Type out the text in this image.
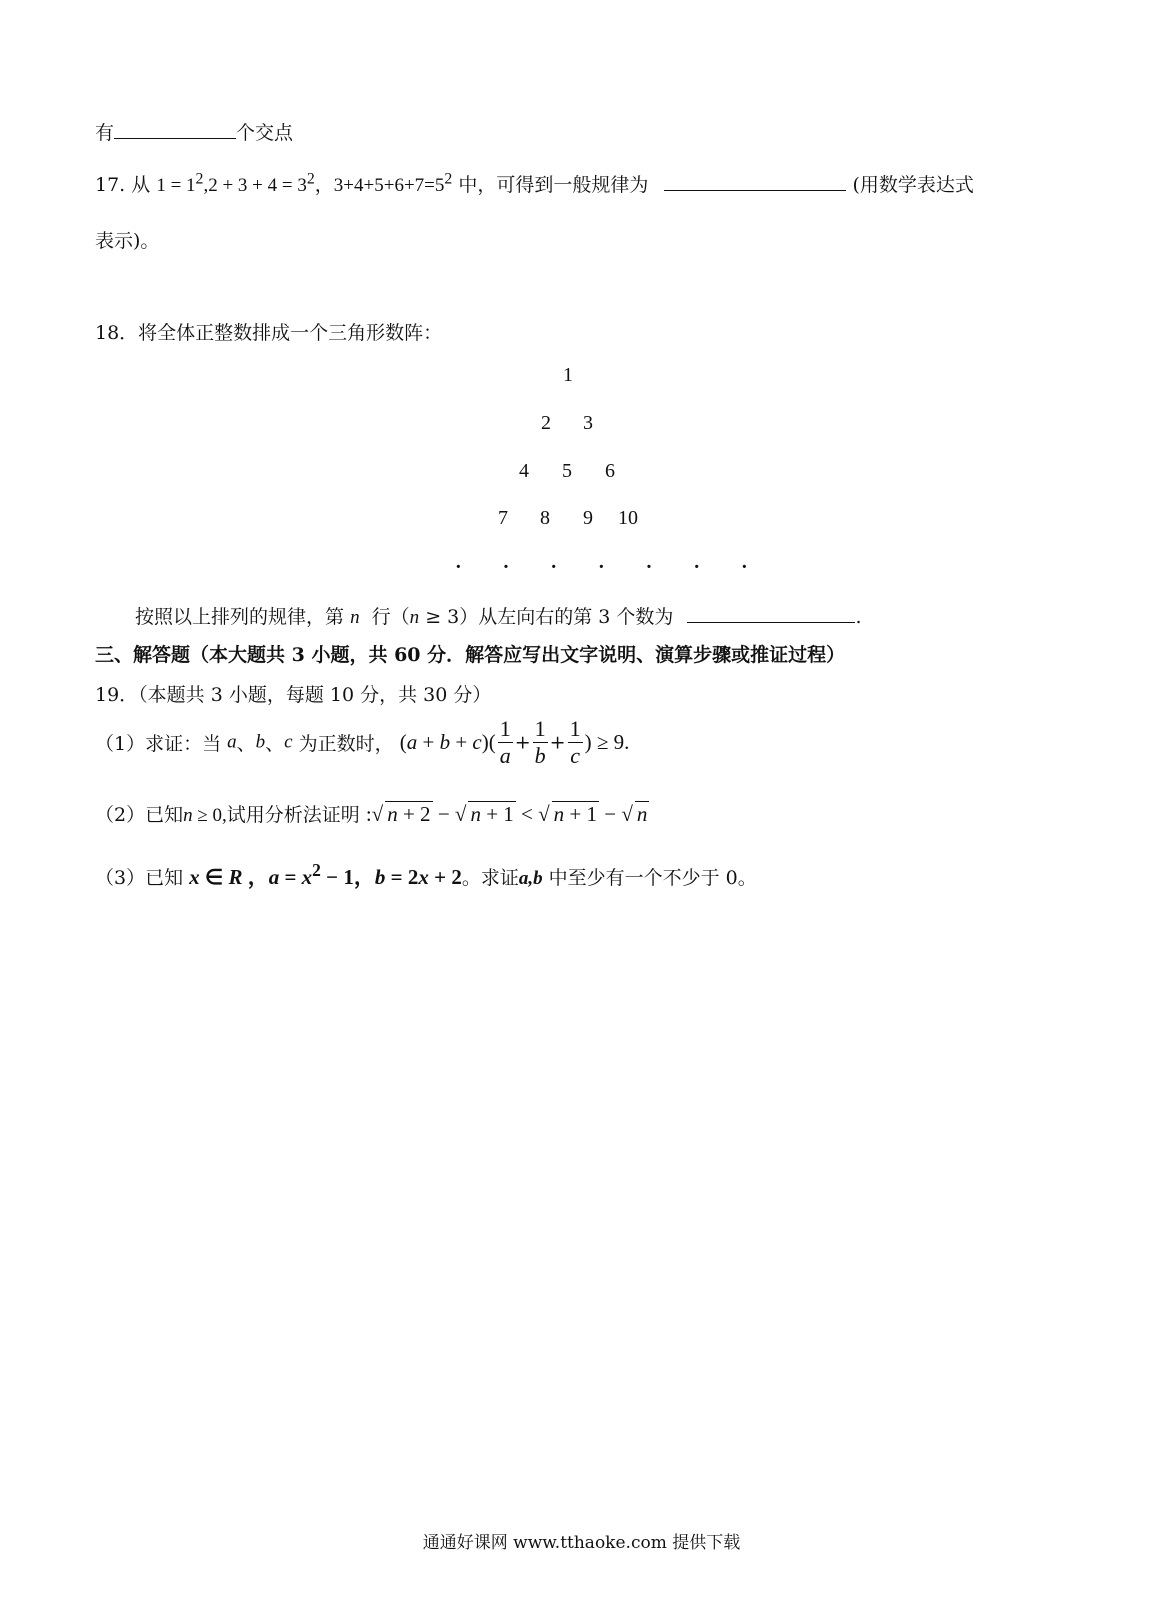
有	个交点
17. 从 $1 = 1^2,2 + 3 + 4 = 3^2$，$3+4+5+6+7=5^2$ 中，可得到一般规律为	(用数学表达式
表示)。
18．将全体正整数排成一个三角形数阵：
1
2 3
4 5 6
7 8 9 10
· · · · · · ·
按照以上排列的规律，第 n 行（n ≥ 3）从左向右的第 3 个数为	.
三、解答题（本大题共 3 小题，共 60 分．解答应写出文字说明、演算步骤或推证过程）
19．（本题共 3 小题，每题 10 分，共 30 分）
（1）求证：当 a、b、c 为正数时， $(a + b + c)( \frac{1}{a} + \frac{1}{b} + \frac{1}{c}$ ) ≥ 9.
（2）已知n ≥ 0,试用分析法证明 :√ n + 2 − √ n + 1 < √ n + 1 − √ n
（3）已知 x ∈ R ，$a = x^2 - 1$，b = 2x + 2。求证a,b 中至少有一个不少于 0。
通通好课网 www.tthaoke.com 提供下载
